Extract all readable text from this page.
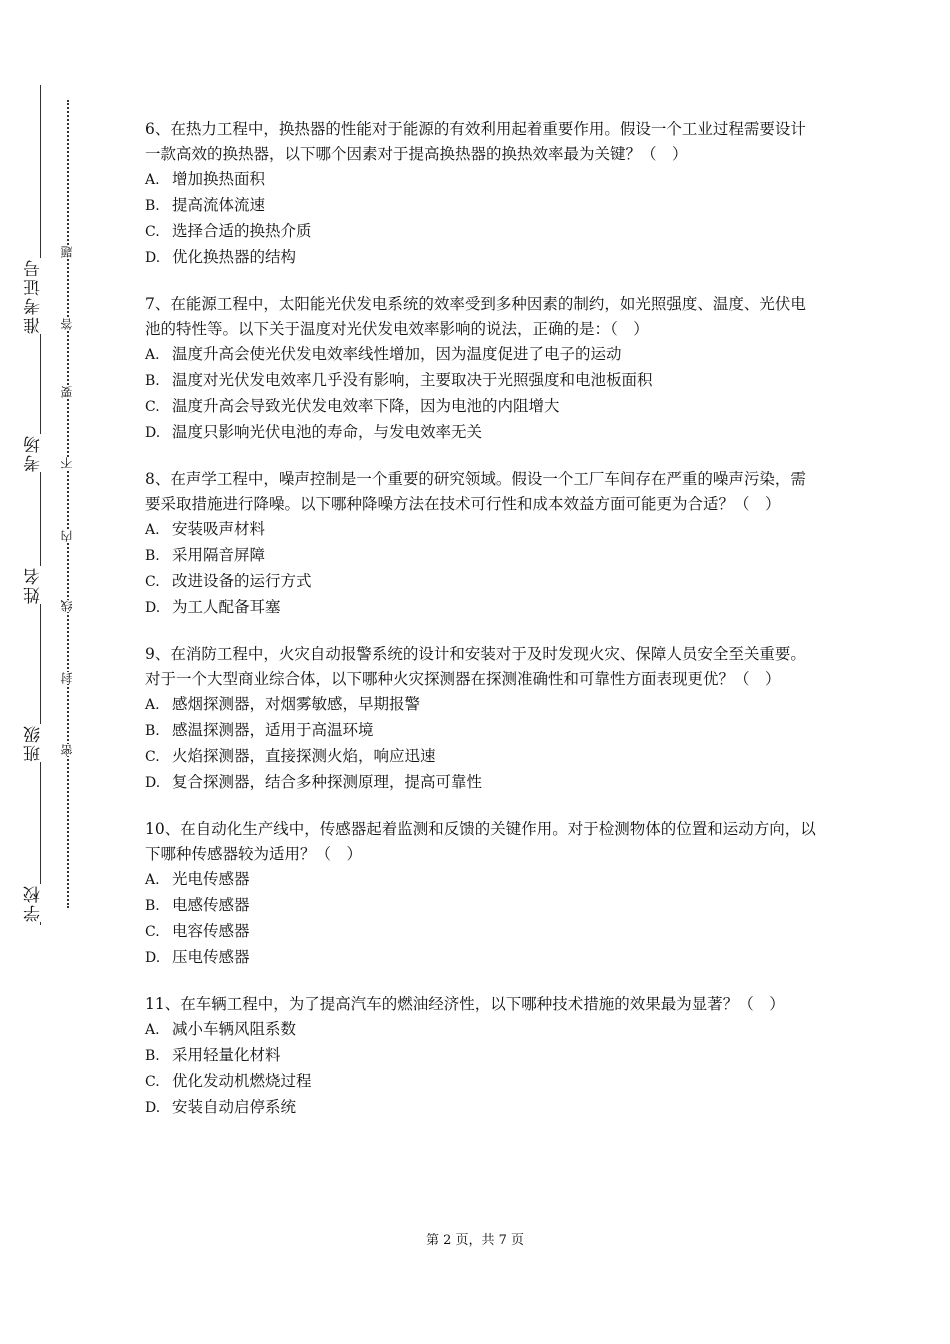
准考证号
考场
姓名
班级
学校
题
答
要
不
内
线
封
密

6、在热力工程中，换热器的性能对于能源的有效利用起着重要作用。假设一个工业过程需要设计一款高效的换热器，以下哪个因素对于提高换热器的换热效率最为关键？（　）

A. 增加换热面积
B. 提高流体流速
C. 选择合适的换热介质
D. 优化换热器的结构

7、在能源工程中，太阳能光伏发电系统的效率受到多种因素的制约，如光照强度、温度、光伏电池的特性等。以下关于温度对光伏发电效率影响的说法，正确的是：（　）

A. 温度升高会使光伏发电效率线性增加，因为温度促进了电子的运动
B. 温度对光伏发电效率几乎没有影响，主要取决于光照强度和电池板面积
C. 温度升高会导致光伏发电效率下降，因为电池的内阻增大
D. 温度只影响光伏电池的寿命，与发电效率无关

8、在声学工程中，噪声控制是一个重要的研究领域。假设一个工厂车间存在严重的噪声污染，需要采取措施进行降噪。以下哪种降噪方法在技术可行性和成本效益方面可能更为合适？（　）

A. 安装吸声材料
B. 采用隔音屏障
C. 改进设备的运行方式
D. 为工人配备耳塞

9、在消防工程中，火灾自动报警系统的设计和安装对于及时发现火灾、保障人员安全至关重要。对于一个大型商业综合体，以下哪种火灾探测器在探测准确性和可靠性方面表现更优？（　）

A. 感烟探测器，对烟雾敏感，早期报警
B. 感温探测器，适用于高温环境
C. 火焰探测器，直接探测火焰，响应迅速
D. 复合探测器，结合多种探测原理，提高可靠性

10、在自动化生产线中，传感器起着监测和反馈的关键作用。对于检测物体的位置和运动方向，以下哪种传感器较为适用？（　）

A. 光电传感器
B. 电感传感器
C. 电容传感器
D. 压电传感器

11、在车辆工程中，为了提高汽车的燃油经济性，以下哪种技术措施的效果最为显著？（　）

A. 减小车辆风阻系数
B. 采用轻量化材料
C. 优化发动机燃烧过程
D. 安装自动启停系统
第 2 页，共 7 页
